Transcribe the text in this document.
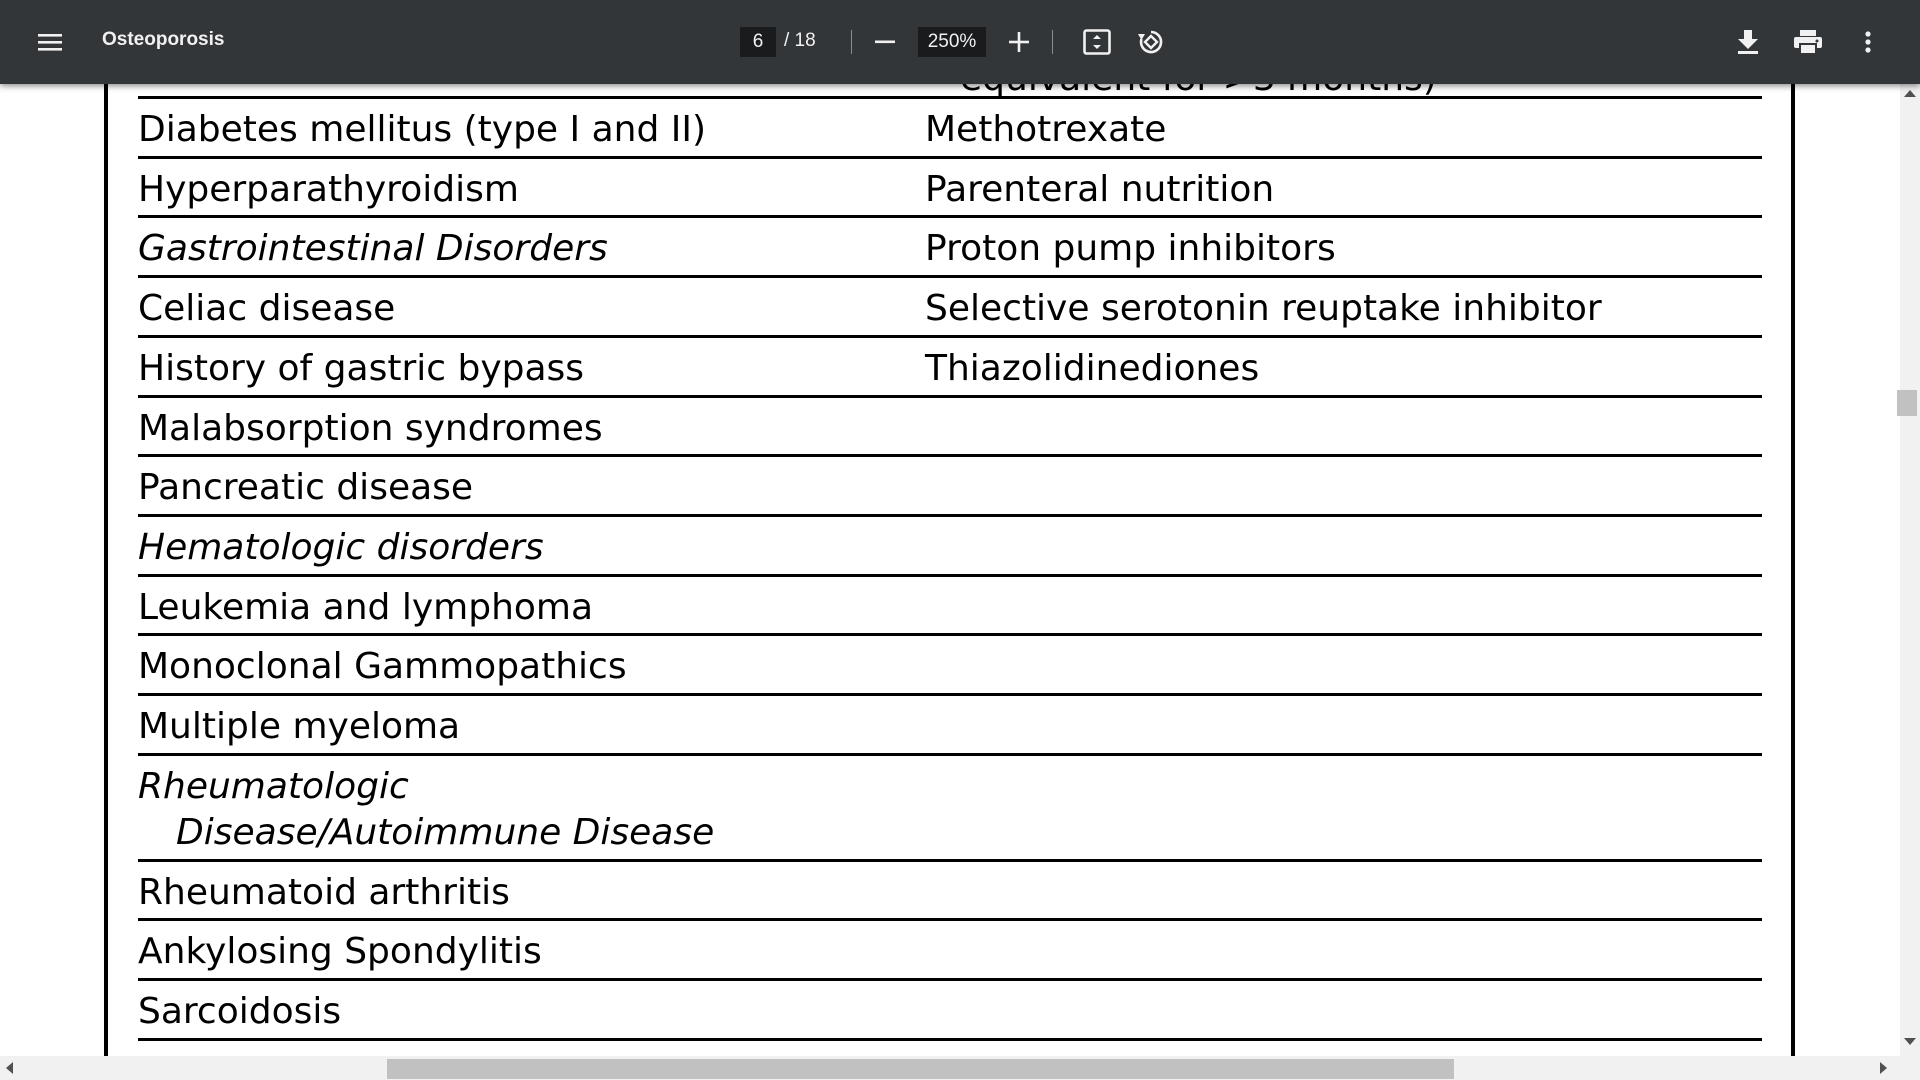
Osteoporosis	6	/ 18	250%
Diabetes mellitus (type I and II)	Methotrexate
Hyperparathyroidism	Parenteral nutrition
Gastrointestinal Disorders	Proton pump inhibitors
Celiac disease	Selective serotonin reuptake inhibitor
History of gastric bypass	Thiazolidinediones
Malabsorption syndromes
Pancreatic disease
Hematologic disorders
Leukemia and lymphoma
Monoclonal Gammopathics
Multiple myeloma
Rheumatologic
Disease/Autoimmune Disease
Rheumatoid arthritis
Ankylosing Spondylitis
Sarcoidosis
